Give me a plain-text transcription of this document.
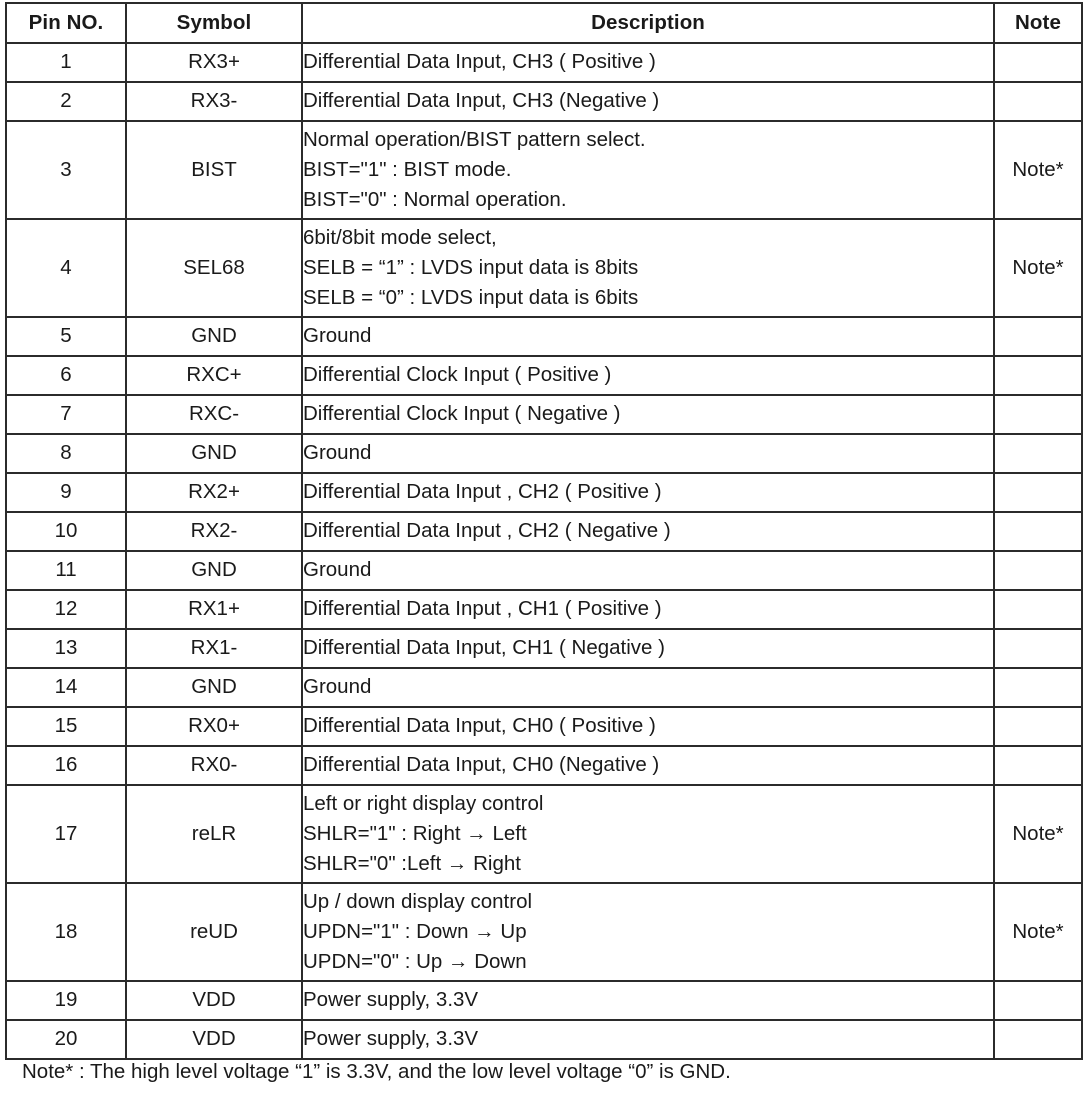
Pin NO.	Symbol	Description	Note
1	RX3+	Differential Data Input, CH3 ( Positive )	

2	RX3-	Differential Data Input, CH3 (Negative )	

3	BIST	Normal operation/BIST pattern select.
BIST="1" : BIST mode.
BIST="0" : Normal operation.	Note*
4	SEL68	6bit/8bit mode select,
SELB = “1” : LVDS input data is 8bits
SELB = “0” : LVDS input data is 6bits	Note*
5	GND	Ground	

6	RXC+	Differential Clock Input ( Positive )	

7	RXC-	Differential Clock Input ( Negative )	

8	GND	Ground	

9	RX2+	Differential Data Input , CH2 ( Positive )	

10	RX2-	Differential Data Input , CH2 ( Negative )	

11	GND	Ground	

12	RX1+	Differential Data Input , CH1 ( Positive )	

13	RX1-	Differential Data Input, CH1 ( Negative )	

14	GND	Ground	

15	RX0+	Differential Data Input, CH0 ( Positive )	

16	RX0-	Differential Data Input, CH0 (Negative )	

17	reLR	Left or right display control
SHLR="1" : Right → Left
SHLR="0" :Left → Right	Note*
18	reUD	Up / down display control
UPDN="1" : Down → Up
UPDN="0" : Up → Down	Note*
19	VDD	Power supply, 3.3V	

20	VDD	Power supply, 3.3V	

Note* : The high level voltage “1” is 3.3V, and the low level voltage “0” is GND.
